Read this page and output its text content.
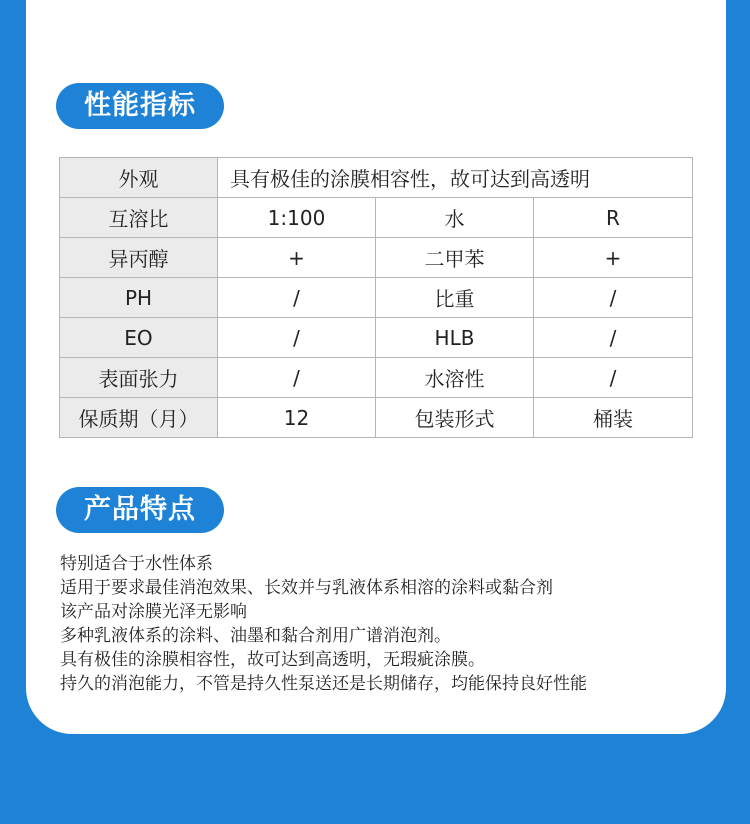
性能指标
外观	具有极佳的涂膜相容性，故可达到高透明		
互溶比	1:100	水	R
异丙醇	+	二甲苯	+
PH	/	比重	/
EO	/	HLB	/
表面张力	/	水溶性	/
保质期（月）	12	包装形式	桶装
产品特点
特别适合于水性体系
适用于要求最佳消泡效果、长效并与乳液体系相溶的涂料或黏合剂
该产品对涂膜光泽无影响
多种乳液体系的涂料、油墨和黏合剂用广谱消泡剂。
具有极佳的涂膜相容性，故可达到高透明，无瑕疵涂膜。
持久的消泡能力，不管是持久性泵送还是长期储存，均能保持良好性能
